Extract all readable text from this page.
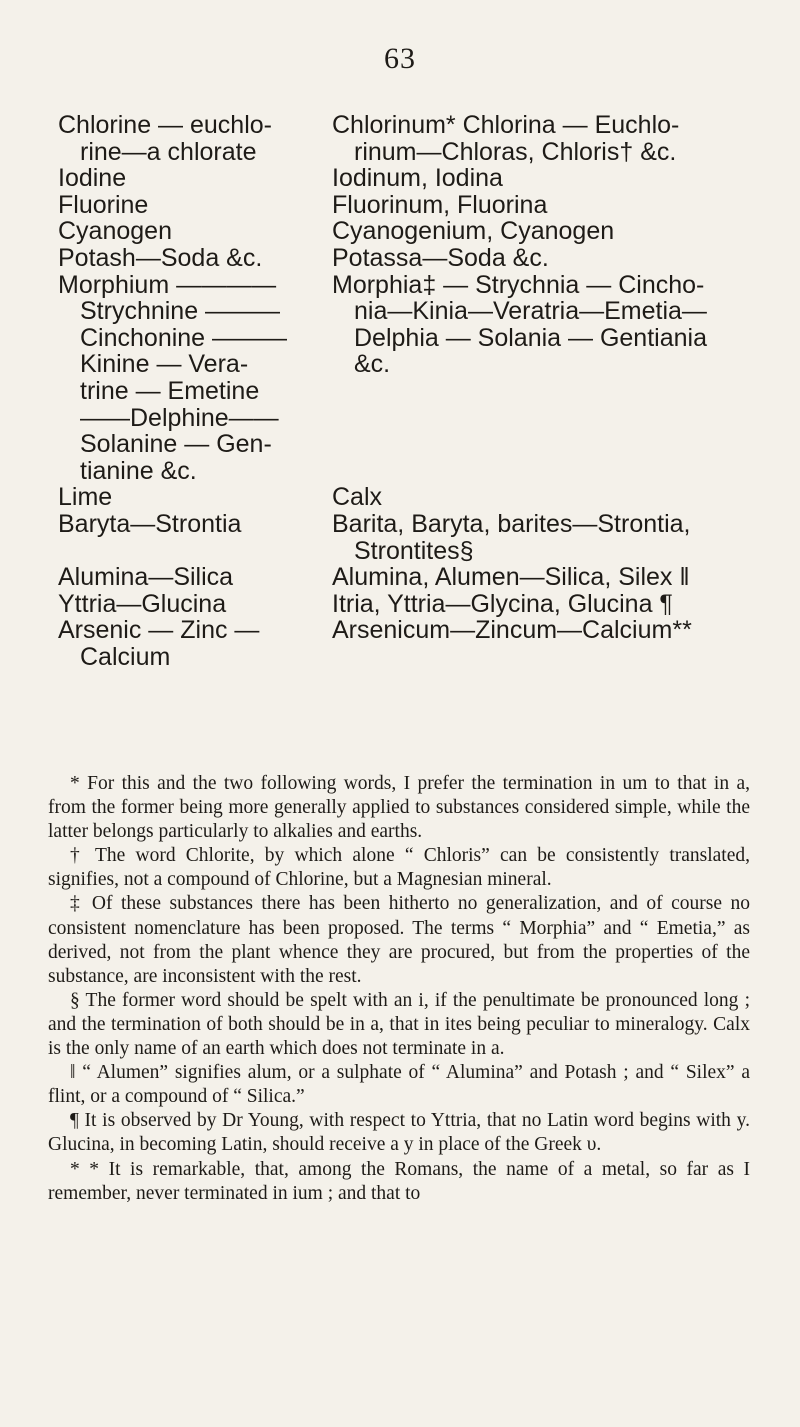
63
Chlorine — euchlo-
rine—a chlorate
Iodine
Fluorine
Cyanogen
Potash—Soda &c.
Morphium ————
Strychnine ———
Cinchonine ———
Kinine — Vera-
trine — Emetine
——Delphine——
Solanine — Gen-
tianine &c.
Lime
Baryta—Strontia
Alumina—Silica
Yttria—Glucina
Arsenic — Zinc —
Calcium
Chlorinum* Chlorina — Euchlo-
rinum—Chloras, Chloris† &c.
Iodinum, Iodina
Fluorinum, Fluorina
Cyanogenium, Cyanogen
Potassa—Soda &c.
Morphia‡ — Strychnia — Cincho-
nia—Kinia—Veratria—Emetia—
Delphia — Solania — Gentiania
&c.
Calx
Barita, Baryta, barites—Strontia,
Strontites§
Alumina, Alumen—Silica, Silex ‖
Itria, Yttria—Glycina, Glucina ¶
Arsenicum—Zincum—Calcium**

* For this and the two following words, I prefer the termination in um to that in a, from the former being more generally applied to substances considered simple, while the latter belongs particularly to alkalies and earths.

† The word Chlorite, by which alone “ Chloris” can be consistently translated, signifies, not a compound of Chlorine, but a Magnesian mineral.

‡ Of these substances there has been hitherto no generalization, and of course no consistent nomenclature has been proposed. The terms “ Morphia” and “ Emetia,” as derived, not from the plant whence they are procured, but from the properties of the substance, are inconsistent with the rest.

§ The former word should be spelt with an i, if the penultimate be pronounced long ; and the termination of both should be in a, that in ites being peculiar to mineralogy. Calx is the only name of an earth which does not terminate in a.

‖ “ Alumen” signifies alum, or a sulphate of “ Alumina” and Potash ; and “ Silex” a flint, or a compound of “ Silica.”

¶ It is observed by Dr Young, with respect to Yttria, that no Latin word begins with y. Glucina, in becoming Latin, should receive a y in place of the Greek υ.

* * It is remarkable, that, among the Romans, the name of a metal, so far as I remember, never terminated in ium ; and that to
